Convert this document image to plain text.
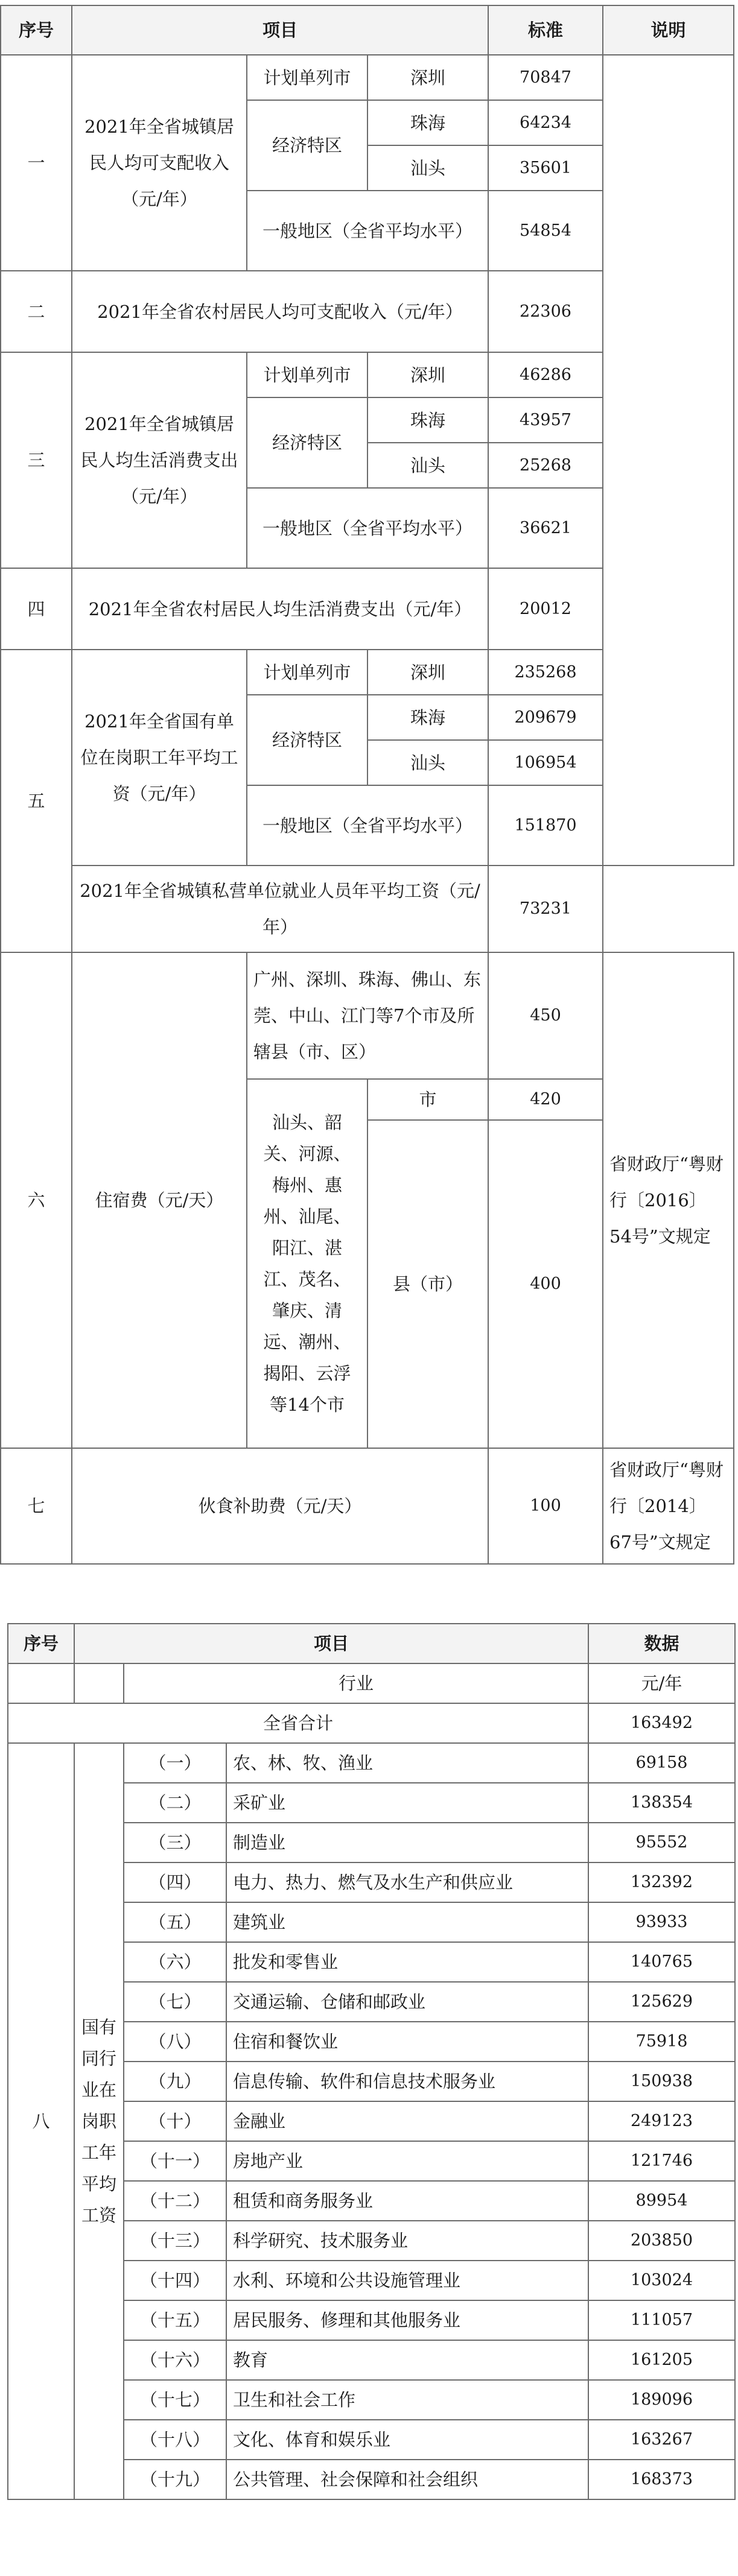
序号	项目			标准	说明
一	2021年全省城镇居民人均可支配收入（元/年）	计划单列市	深圳	70847	
		经济特区	珠海	64234	
			汕头	35601	
		一般地区（全省平均水平）		54854	
二	2021年全省农村居民人均可支配收入（元/年）			22306	
三	2021年全省城镇居民人均生活消费支出（元/年）	计划单列市	深圳	46286	
		经济特区	珠海	43957	
			汕头	25268	
		一般地区（全省平均水平）		36621	
四	2021年全省农村居民人均生活消费支出（元/年）			20012	
五	2021年全省国有单位在岗职工年平均工资（元/年）	计划单列市	深圳	235268	
		经济特区	珠海	209679	
			汕头	106954	
		一般地区（全省平均水平）		151870	
	2021年全省城镇私营单位就业人员年平均工资（元/年）			73231	
六	住宿费（元/天）	广州、深圳、珠海、佛山、东莞、中山、江门等7个市及所辖县（市、区）		450	省财政厅“粤财行〔2016〕54号”文规定
		汕头、韶关、河源、梅州、惠州、汕尾、阳江、湛江、茂名、肇庆、清远、潮州、揭阳、云浮等14个市	市	420	
			县（市）	400	
七	伙食补助费（元/天）			100	省财政厅“粤财行〔2014〕67号”文规定
序号	项目			数据
		行业		元/年
全省合计				163492
八	国有同行业在岗职工年平均工资	（一）	农、林、牧、渔业	69158
		（二）	采矿业	138354
		（三）	制造业	95552
		（四）	电力、热力、燃气及水生产和供应业	132392
		（五）	建筑业	93933
		（六）	批发和零售业	140765
		（七）	交通运输、仓储和邮政业	125629
		（八）	住宿和餐饮业	75918
		（九）	信息传输、软件和信息技术服务业	150938
		（十）	金融业	249123
		（十一）	房地产业	121746
		（十二）	租赁和商务服务业	89954
		（十三）	科学研究、技术服务业	203850
		（十四）	水利、环境和公共设施管理业	103024
		（十五）	居民服务、修理和其他服务业	111057
		（十六）	教育	161205
		（十七）	卫生和社会工作	189096
		（十八）	文化、体育和娱乐业	163267
		（十九）	公共管理、社会保障和社会组织	168373
